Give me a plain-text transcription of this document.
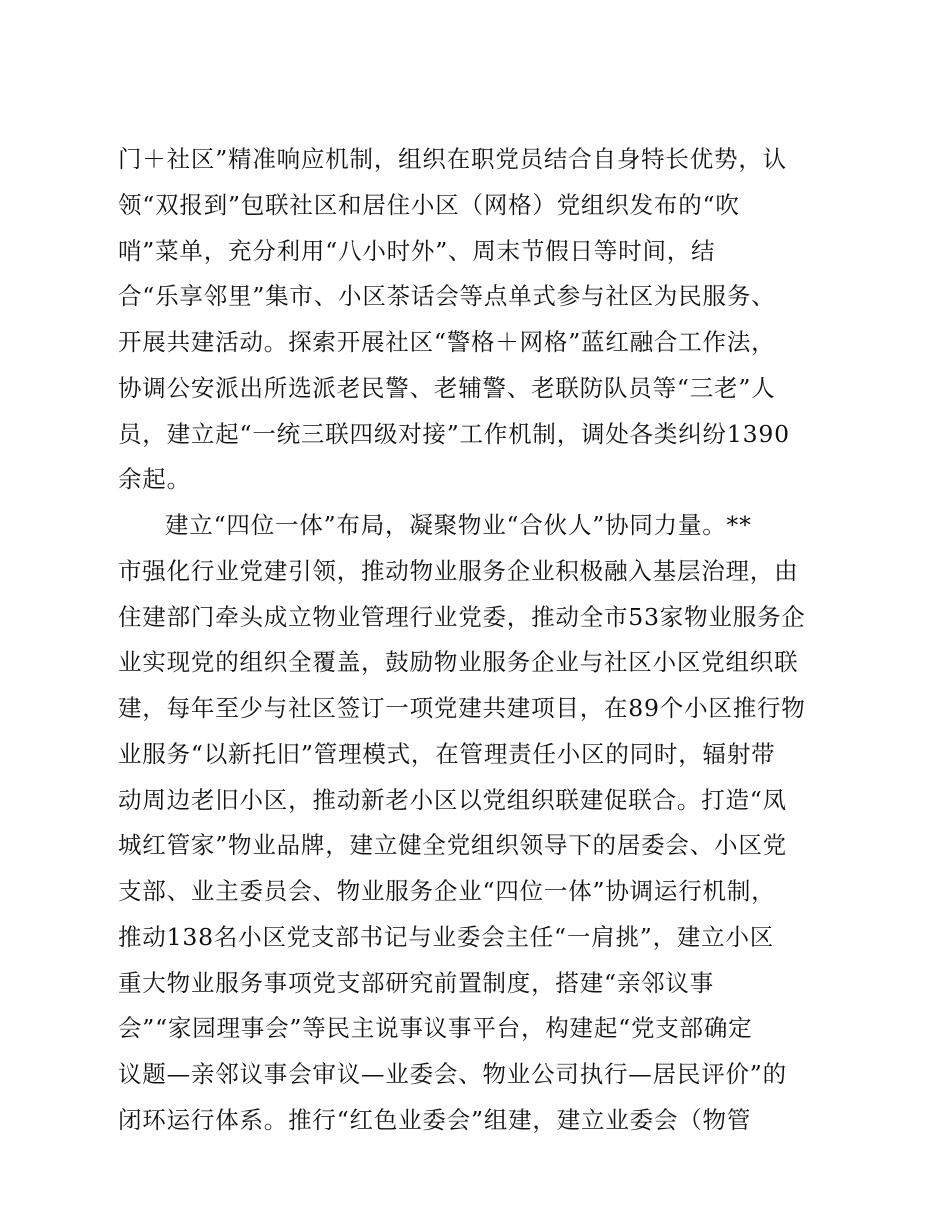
门＋社区”精准响应机制，组织在职党员结合自身特长优势，认
领“双报到”包联社区和居住小区（网格）党组织发布的“吹
哨”菜单，充分利用“八小时外”、周末节假日等时间，结
合“乐享邻里”集市、小区茶话会等点单式参与社区为民服务、
开展共建活动。探索开展社区“警格＋网格”蓝红融合工作法，
协调公安派出所选派老民警、老辅警、老联防队员等“三老”人
员，建立起“一统三联四级对接”工作机制，调处各类纠纷1390
余起。
建立“四位一体”布局，凝聚物业“合伙人”协同力量。**
市强化行业党建引领，推动物业服务企业积极融入基层治理，由
住建部门牵头成立物业管理行业党委，推动全市53家物业服务企
业实现党的组织全覆盖，鼓励物业服务企业与社区小区党组织联
建，每年至少与社区签订一项党建共建项目，在89个小区推行物
业服务“以新托旧”管理模式，在管理责任小区的同时，辐射带
动周边老旧小区，推动新老小区以党组织联建促联合。打造“凤
城红管家”物业品牌，建立健全党组织领导下的居委会、小区党
支部、业主委员会、物业服务企业“四位一体”协调运行机制，
推动138名小区党支部书记与业委会主任“一肩挑”，建立小区
重大物业服务事项党支部研究前置制度，搭建“亲邻议事
会”“家园理事会”等民主说事议事平台，构建起“党支部确定
议题—亲邻议事会审议—业委会、物业公司执行—居民评价”的
闭环运行体系。推行“红色业委会”组建，建立业委会（物管
